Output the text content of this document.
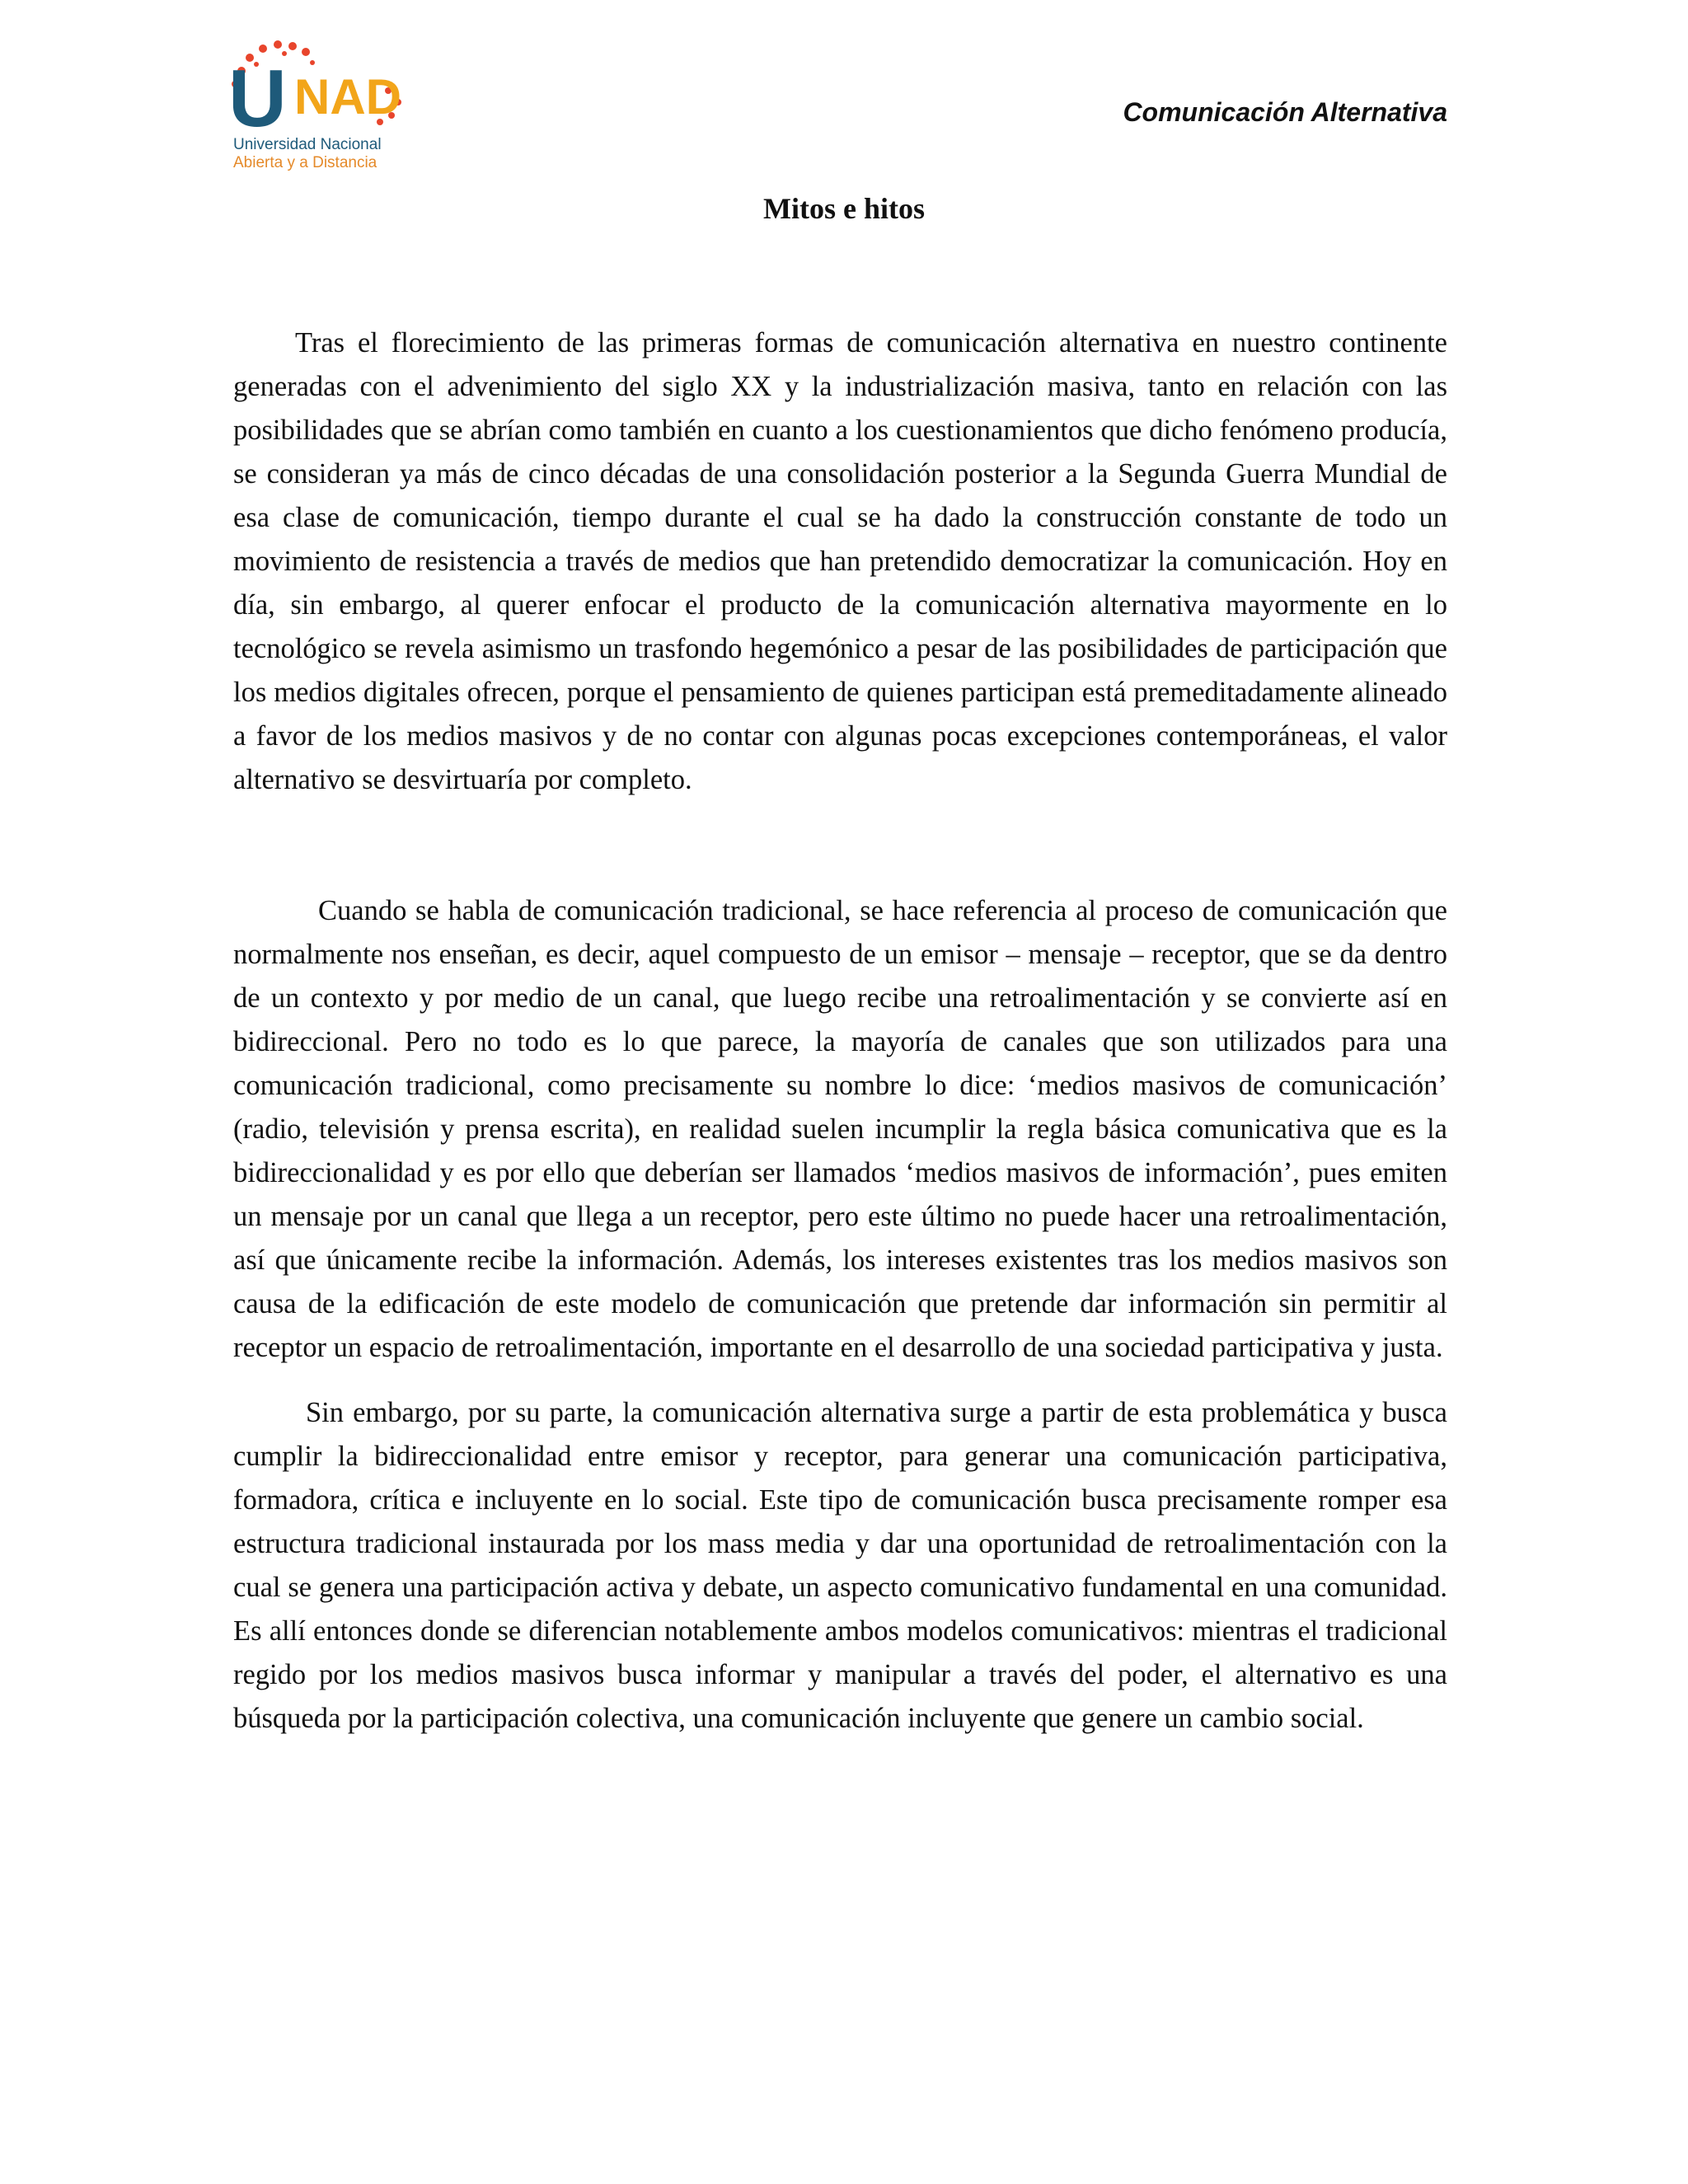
U NAD
Universidad Nacional
Abierta y a Distancia
Comunicación Alternativa
Mitos e hitos

Tras el florecimiento de las primeras formas de comunicación alternativa en nuestro continente generadas con el advenimiento del siglo XX y la industrialización masiva, tanto en relación con las posibilidades que se abrían como también en cuanto a los cuestionamientos que dicho fenómeno producía, se consideran ya más de cinco décadas de una consolidación posterior a la Segunda Guerra Mundial de esa clase de comunicación, tiempo durante el cual se ha dado la construcción constante de todo un movimiento de resistencia a través de medios que han pretendido democratizar la comunicación. Hoy en día, sin embargo, al querer enfocar el producto de la comunicación alternativa mayormente en lo tecnológico se revela asimismo un trasfondo hegemónico a pesar de las posibilidades de participación que los medios digitales ofrecen, porque el pensamiento de quienes participan está premeditadamente alineado a favor de los medios masivos y de no contar con algunas pocas excepciones contemporáneas, el valor alternativo se desvirtuaría por completo.

Cuando se habla de comunicación tradicional, se hace referencia al proceso de comunicación que normalmente nos enseñan, es decir, aquel compuesto de un emisor – mensaje – receptor, que se da dentro de un contexto y por medio de un canal, que luego recibe una retroalimentación y se convierte así en bidireccional. Pero no todo es lo que parece, la mayoría de canales que son utilizados para una comunicación tradicional, como precisamente su nombre lo dice: ‘medios masivos de comunicación’ (radio, televisión y prensa escrita), en realidad suelen incumplir la regla básica comunicativa que es la bidireccionalidad y es por ello que deberían ser llamados ‘medios masivos de información’, pues emiten un mensaje por un canal que llega a un receptor, pero este último no puede hacer una retroalimentación, así que únicamente recibe la información. Además, los intereses existentes tras los medios masivos son causa de la edificación de este modelo de comunicación que pretende dar información sin permitir al receptor un espacio de retroalimentación, importante en el desarrollo de una sociedad participativa y justa.

Sin embargo, por su parte, la comunicación alternativa surge a partir de esta problemática y busca cumplir la bidireccionalidad entre emisor y receptor, para generar una comunicación participativa, formadora, crítica e incluyente en lo social. Este tipo de comunicación busca precisamente romper esa estructura tradicional instaurada por los mass media y dar una oportunidad de retroalimentación con la cual se genera una participación activa y debate, un aspecto comunicativo fundamental en una comunidad. Es allí entonces donde se diferencian notablemente ambos modelos comunicativos: mientras el tradicional regido por los medios masivos busca informar y manipular a través del poder, el alternativo es una búsqueda por la participación colectiva, una comunicación incluyente que genere un cambio social.
